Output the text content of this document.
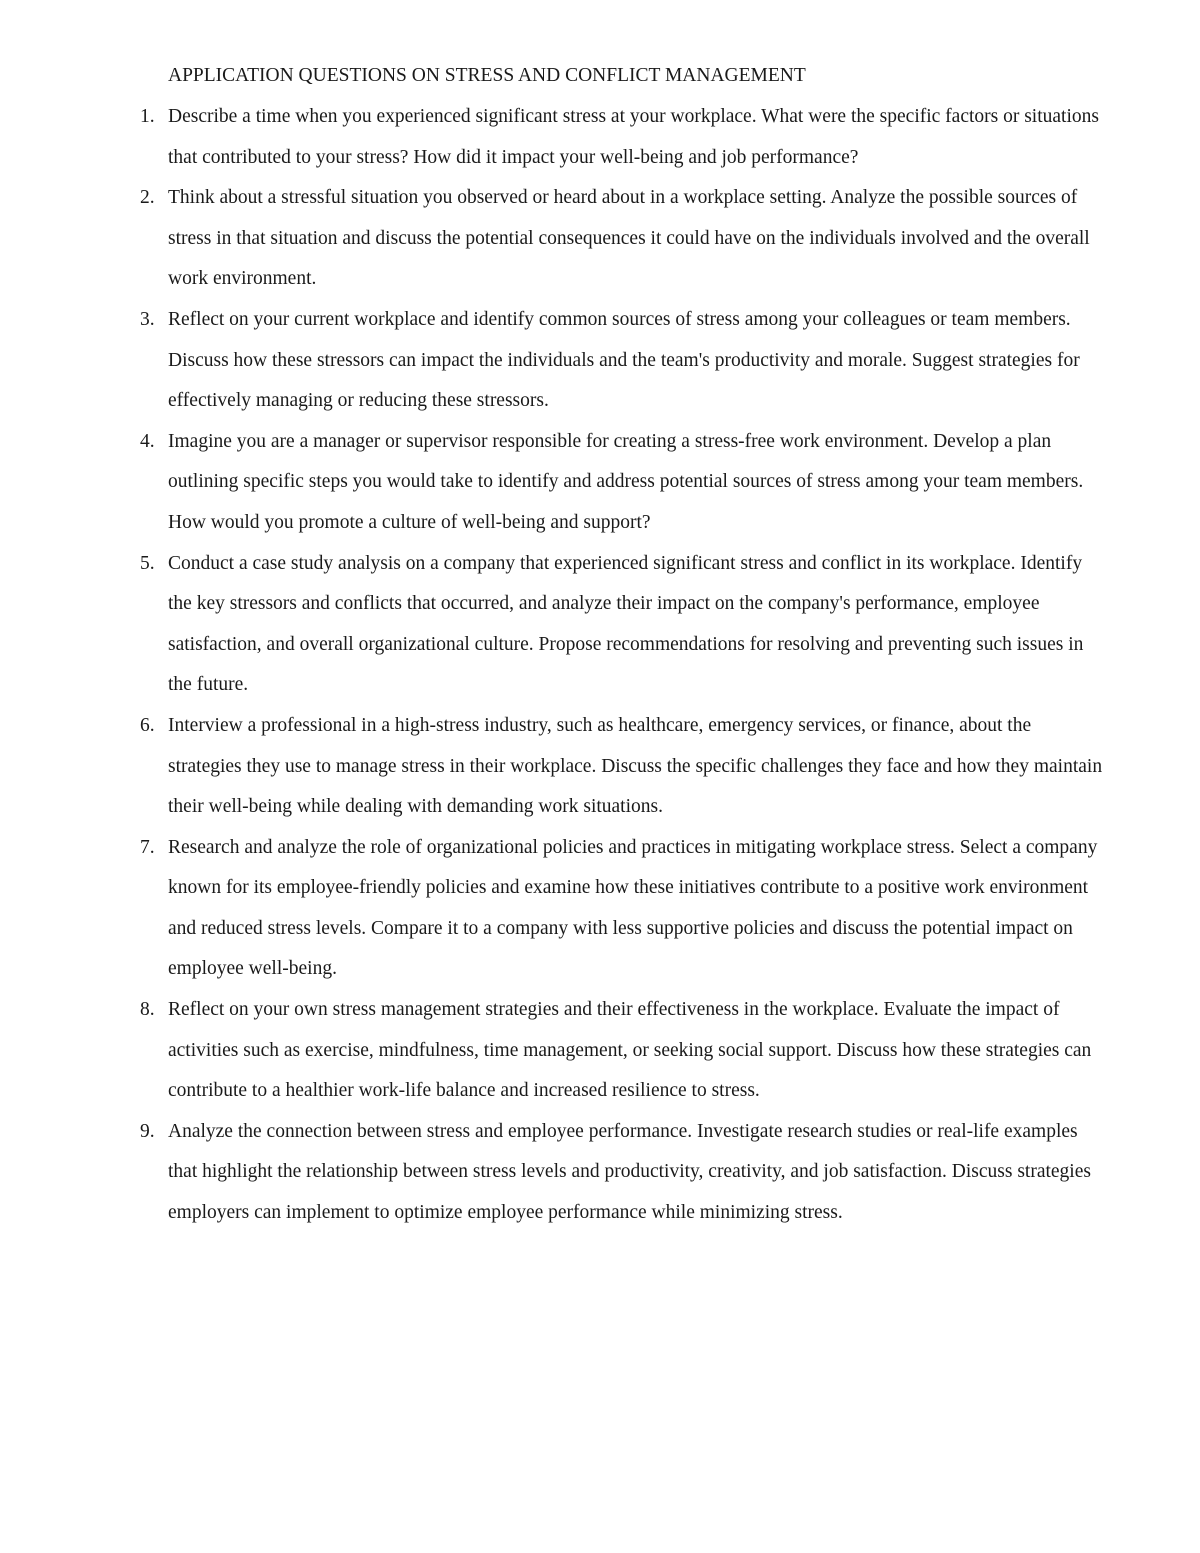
APPLICATION QUESTIONS ON STRESS AND CONFLICT MANAGEMENT
1. Describe a time when you experienced significant stress at your workplace. What were the specific factors or situations that contributed to your stress? How did it impact your well-being and job performance?
2. Think about a stressful situation you observed or heard about in a workplace setting. Analyze the possible sources of stress in that situation and discuss the potential consequences it could have on the individuals involved and the overall work environment.
3. Reflect on your current workplace and identify common sources of stress among your colleagues or team members. Discuss how these stressors can impact the individuals and the team's productivity and morale. Suggest strategies for effectively managing or reducing these stressors.
4. Imagine you are a manager or supervisor responsible for creating a stress-free work environment. Develop a plan outlining specific steps you would take to identify and address potential sources of stress among your team members. How would you promote a culture of well-being and support?
5. Conduct a case study analysis on a company that experienced significant stress and conflict in its workplace. Identify the key stressors and conflicts that occurred, and analyze their impact on the company's performance, employee satisfaction, and overall organizational culture. Propose recommendations for resolving and preventing such issues in the future.
6. Interview a professional in a high-stress industry, such as healthcare, emergency services, or finance, about the strategies they use to manage stress in their workplace. Discuss the specific challenges they face and how they maintain their well-being while dealing with demanding work situations.
7. Research and analyze the role of organizational policies and practices in mitigating workplace stress. Select a company known for its employee-friendly policies and examine how these initiatives contribute to a positive work environment and reduced stress levels. Compare it to a company with less supportive policies and discuss the potential impact on employee well-being.
8. Reflect on your own stress management strategies and their effectiveness in the workplace. Evaluate the impact of activities such as exercise, mindfulness, time management, or seeking social support. Discuss how these strategies can contribute to a healthier work-life balance and increased resilience to stress.
9. Analyze the connection between stress and employee performance. Investigate research studies or real-life examples that highlight the relationship between stress levels and productivity, creativity, and job satisfaction. Discuss strategies employers can implement to optimize employee performance while minimizing stress.
